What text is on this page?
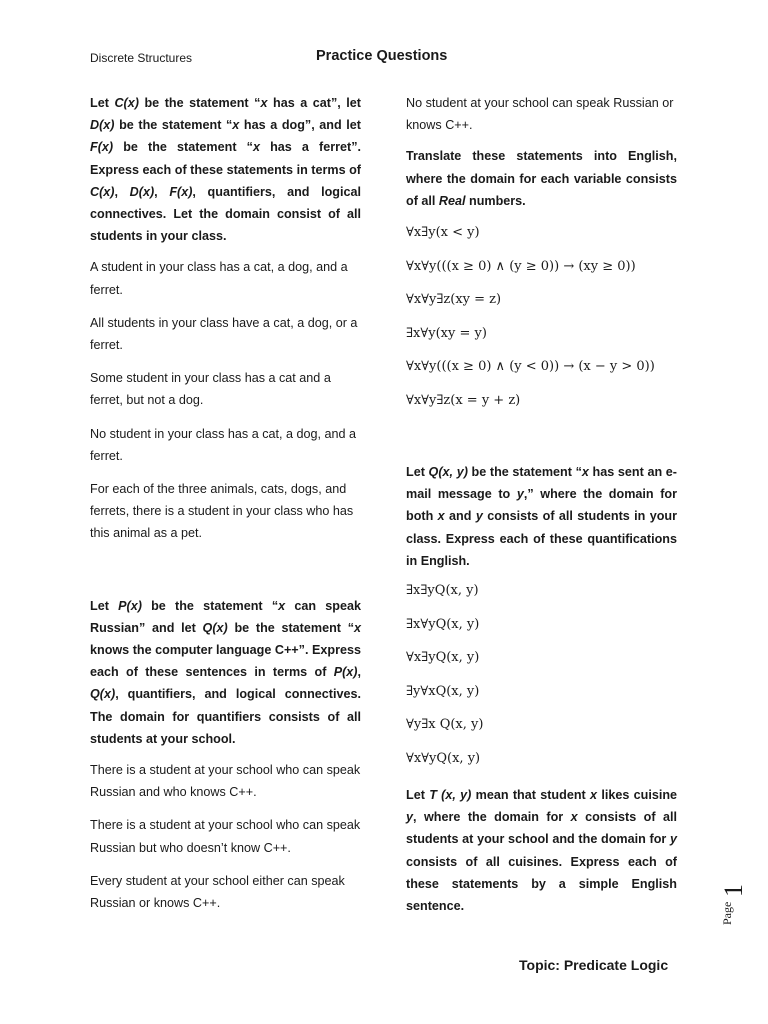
Discrete Structures	Practice Questions

Let C(x) be the statement “x has a cat”, let D(x) be the statement “x has a dog”, and let F(x) be the statement “x has a ferret”. Express each of these statements in terms of C(x), D(x), F(x), quantifiers, and logical connectives. Let the domain consist of all students in your class.

A student in your class has a cat, a dog, and a ferret.

All students in your class have a cat, a dog, or a ferret.

Some student in your class has a cat and a ferret, but not a dog.

No student in your class has a cat, a dog, and a ferret.

For each of the three animals, cats, dogs, and ferrets, there is a student in your class who has this animal as a pet.

Let P(x) be the statement “x can speak Russian” and let Q(x) be the statement “x knows the computer language C++”. Express each of these sentences in terms of P(x), Q(x), quantifiers, and logical connectives. The domain for quantifiers consists of all students at your school.

There is a student at your school who can speak Russian and who knows C++.

There is a student at your school who can speak Russian but who doesn’t know C++.

Every student at your school either can speak Russian or knows C++.

No student at your school can speak Russian or knows C++.

Translate these statements into English, where the domain for each variable consists of all Real numbers.

∀x∃y(x < y)

∀x∀y(((x ≥ 0) ∧ (y ≥ 0)) → (xy ≥ 0))

∀x∀y∃z(xy = z)

∃x∀y(xy = y)

∀x∀y(((x ≥ 0) ∧ (y < 0)) → (x − y > 0))

∀x∀y∃z(x = y + z)

Let Q(x, y) be the statement “x has sent an e-mail message to y,” where the domain for both x and y consists of all students in your class. Express each of these quantifications in English.

∃x∃yQ(x, y)

∃x∀yQ(x, y)

∀x∃yQ(x, y)

∃y∀xQ(x, y)

∀y∃x Q(x, y)

∀x∀yQ(x, y)

Let T (x, y) mean that student x likes cuisine y, where the domain for x consists of all students at your school and the domain for y consists of all cuisines. Express each of these statements by a simple English sentence.

Topic: Predicate Logic
Page
1
